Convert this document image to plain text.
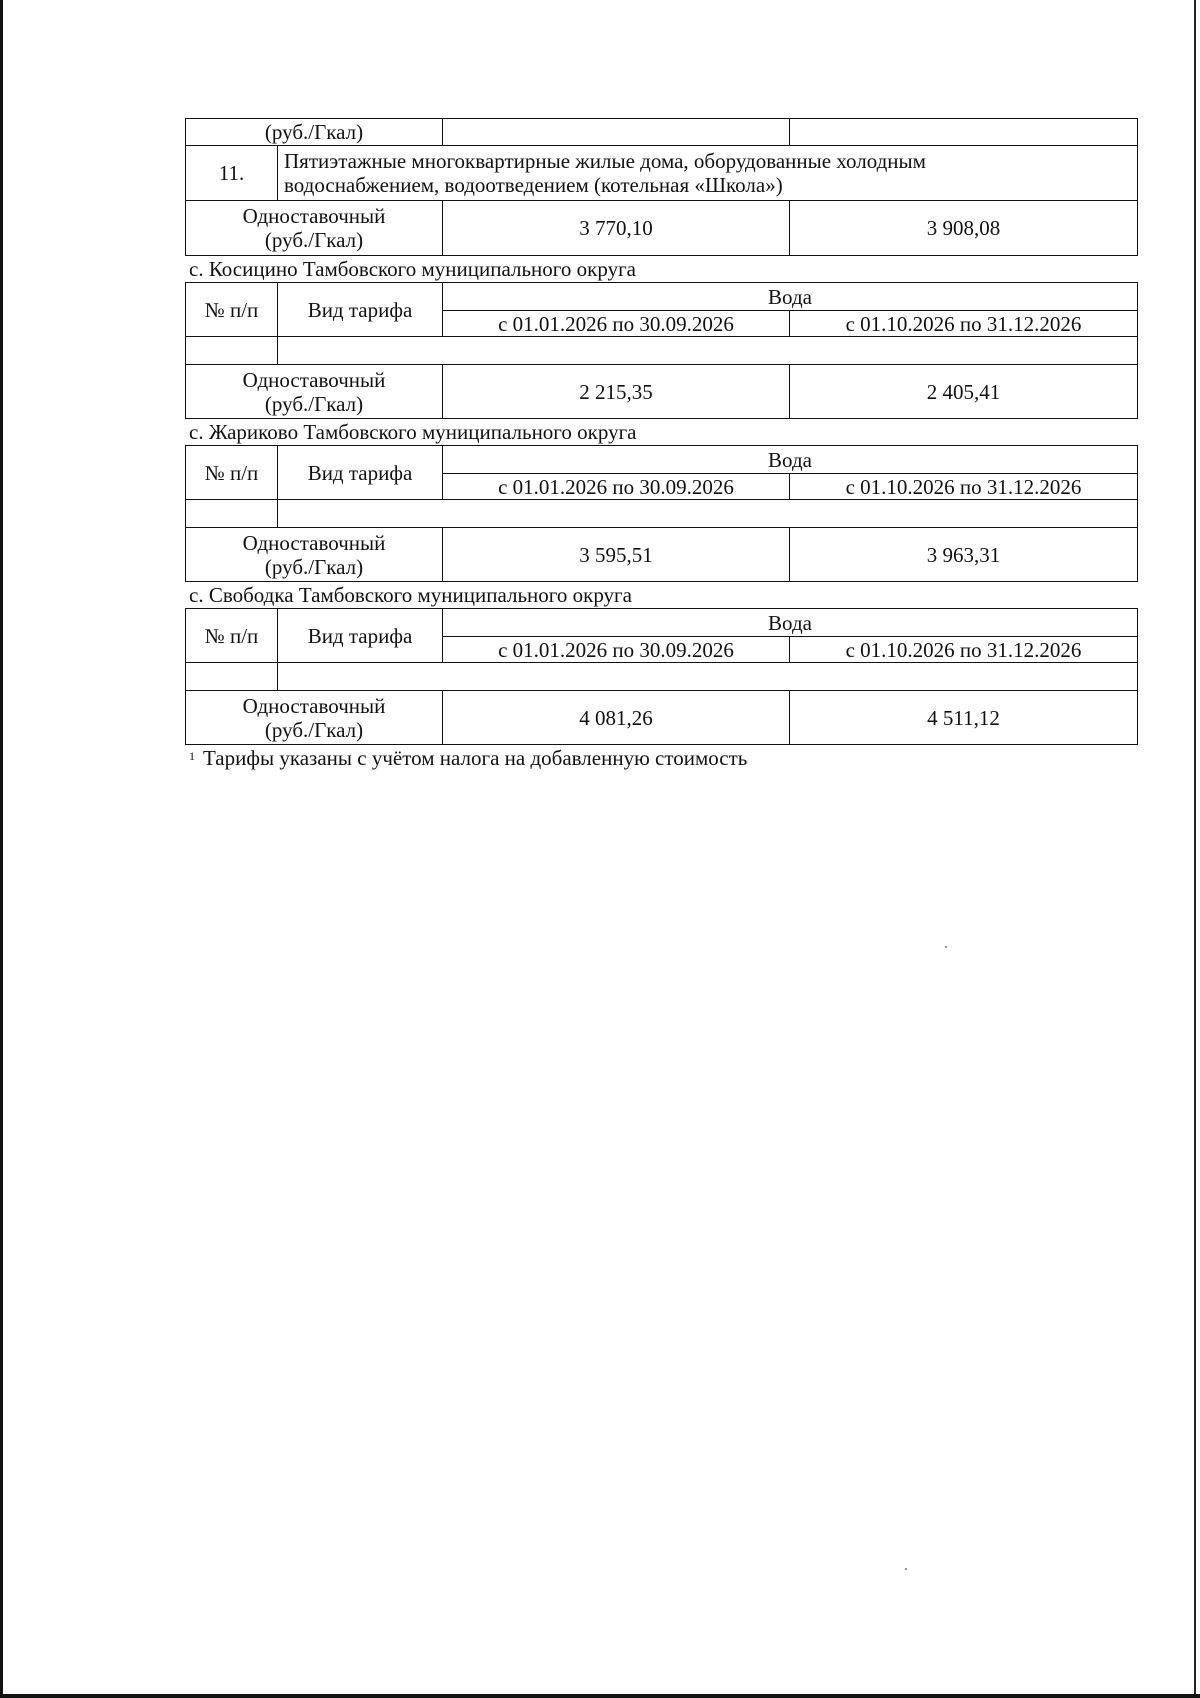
(руб./Гкал)			
11.	Пятиэтажные многоквартирные жилые дома, оборудованные холодным
водоснабжением, водоотведением (котельная «Школа»)		

Одноставочный
(руб./Гкал)		3 770,10	3 908,08
с. Косицино Тамбовского муниципального округа
№ п/п	Вид тарифа	Вода	
		с 01.01.2026 по 30.09.2026	с 01.10.2026 по 31.12.2026

Одноставочный
(руб./Гкал)		2 215,35	2 405,41
с. Жариково Тамбовского муниципального округа
№ п/п	Вид тарифа	Вода	
		с 01.01.2026 по 30.09.2026	с 01.10.2026 по 31.12.2026

Одноставочный
(руб./Гкал)		3 595,51	3 963,31
с. Свободка Тамбовского муниципального округа
№ п/п	Вид тарифа	Вода	
		с 01.01.2026 по 30.09.2026	с 01.10.2026 по 31.12.2026

Одноставочный
(руб./Гкал)		4 081,26	4 511,12
$^1$ Тарифы указаны с учётом налога на добавленную стоимость
